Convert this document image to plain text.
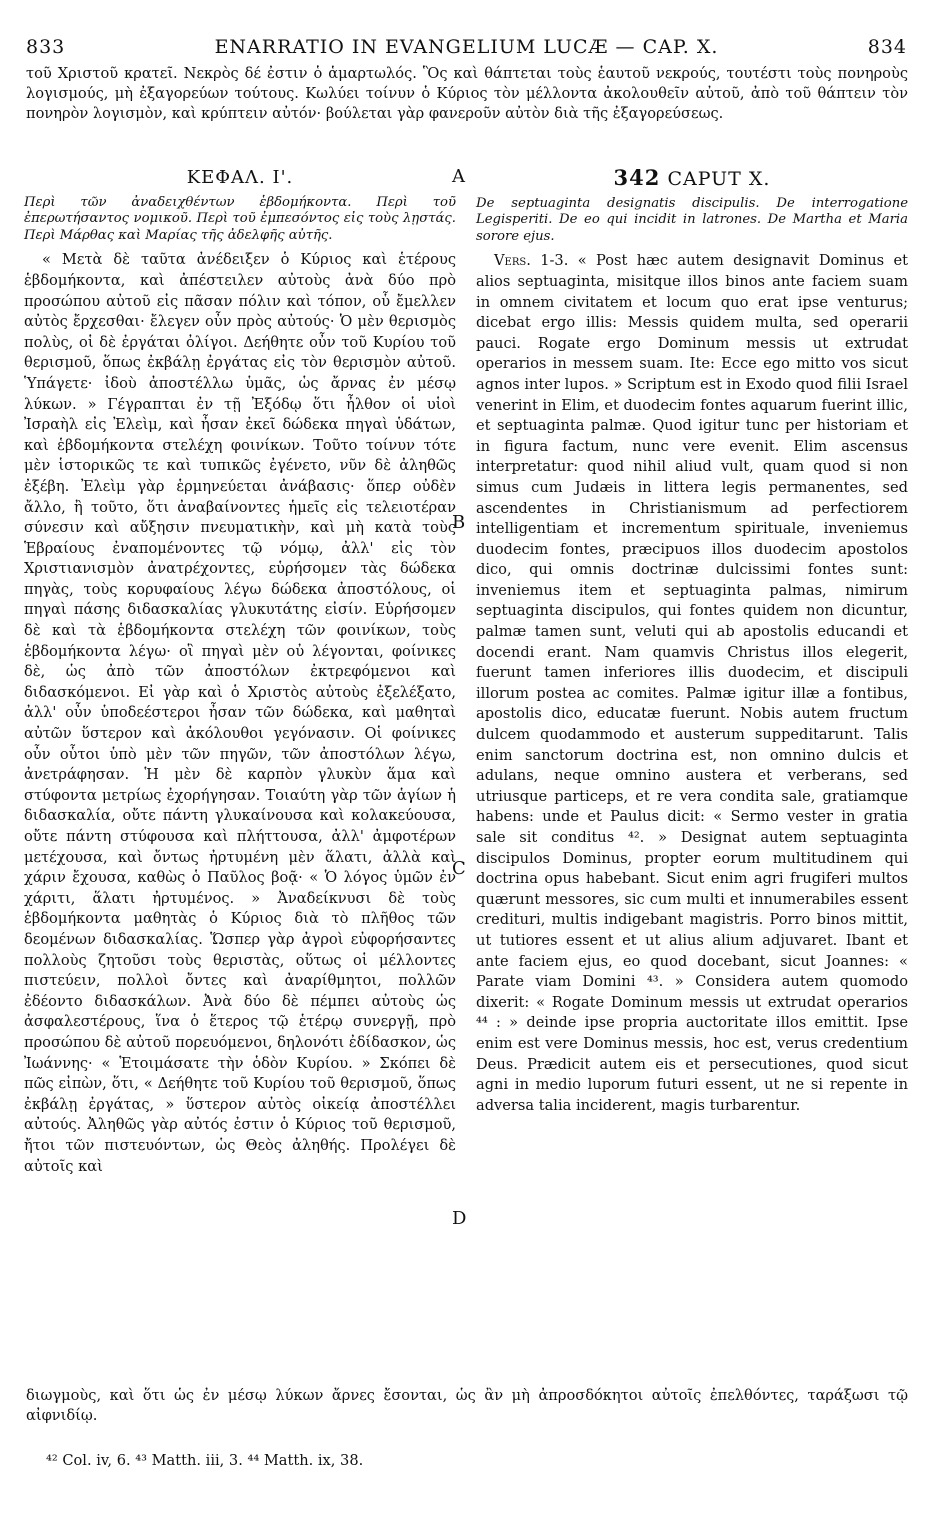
833	ENARRATIO IN EVANGELIUM LUCÆ — CAP. X.	834
τοῦ Χριστοῦ κρατεῖ. Νεκρὸς δέ ἐστιν ὁ ἁμαρτωλός. Ὃς καὶ θάπτεται τοὺς ἑαυτοῦ νεκρούς, τουτέστι τοὺς πονηροὺς λογισμούς, μὴ ἐξαγορεύων τούτους. Κωλύει τοίνυν ὁ Κύριος τὸν μέλλοντα ἀκολουθεῖν αὐτοῦ, ἀπὸ τοῦ θάπτειν τὸν πονηρὸν λογισμὸν, καὶ κρύπτειν αὐτόν· βούλεται γὰρ φανεροῦν αὐτὸν διὰ τῆς ἐξαγορεύσεως.
ΚΕΦΑΛ. Ι'.
Περὶ τῶν ἀναδειχθέντων ἑβδομήκοντα. Περὶ τοῦ ἐπερωτήσαντος νομικοῦ. Περὶ τοῦ ἐμπεσόντος εἰς τοὺς λῃστάς. Περὶ Μάρθας καὶ Μαρίας τῆς ἀδελφῆς αὐτῆς.

« Μετὰ δὲ ταῦτα ἀνέδειξεν ὁ Κύριος καὶ ἑτέρους ἑβδομήκοντα, καὶ ἀπέστειλεν αὐτοὺς ἀνὰ δύο πρὸ προσώπου αὐτοῦ εἰς πᾶσαν πόλιν καὶ τόπον, οὗ ἔμελλεν αὐτὸς ἔρχεσθαι· ἔλεγεν οὖν πρὸς αὐτούς· Ὁ μὲν θερισμὸς πολὺς, οἱ δὲ ἐργάται ὀλίγοι. Δεήθητε οὖν τοῦ Κυρίου τοῦ θερισμοῦ, ὅπως ἐκβάλῃ ἐργάτας εἰς τὸν θερισμὸν αὐτοῦ. Ὑπάγετε· ἰδοὺ ἀποστέλλω ὑμᾶς, ὡς ἄρνας ἐν μέσῳ λύκων. » Γέγραπται ἐν τῇ Ἐξόδῳ ὅτι ἦλθον οἱ υἱοὶ Ἰσραὴλ εἰς Ἐλεὶμ, καὶ ἦσαν ἐκεῖ δώδεκα πηγαὶ ὑδάτων, καὶ ἑβδομήκοντα στελέχη φοινίκων. Τοῦτο τοίνυν τότε μὲν ἱστορικῶς τε καὶ τυπικῶς ἐγένετο, νῦν δὲ ἀληθῶς ἐξέβη. Ἐλεὶμ γὰρ ἑρμηνεύεται ἀνάβασις· ὅπερ οὐδὲν ἄλλο, ἢ τοῦτο, ὅτι ἀναβαίνοντες ἡμεῖς εἰς τελειοτέραν σύνεσιν καὶ αὔξησιν πνευματικὴν, καὶ μὴ κατὰ τοὺς Ἑβραίους ἐναπομένοντες τῷ νόμῳ, ἀλλ' εἰς τὸν Χριστιανισμὸν ἀνατρέχοντες, εὑρήσομεν τὰς δώδεκα πηγὰς, τοὺς κορυφαίους λέγω δώδεκα ἀποστόλους, οἱ πηγαὶ πάσης διδασκαλίας γλυκυτάτης εἰσίν. Εὑρήσομεν δὲ καὶ τὰ ἑβδομήκοντα στελέχη τῶν φοινίκων, τοὺς ἑβδομήκοντα λέγω· οἳ πηγαὶ μὲν οὐ λέγονται, φοίνικες δὲ, ὡς ἀπὸ τῶν ἀποστόλων ἐκτρεφόμενοι καὶ διδασκόμενοι. Εἰ γὰρ καὶ ὁ Χριστὸς αὐτοὺς ἐξελέξατο, ἀλλ' οὖν ὑποδεέστεροι ἦσαν τῶν δώδεκα, καὶ μαθηταὶ αὐτῶν ὕστερον καὶ ἀκόλουθοι γεγόνασιν. Οἱ φοίνικες οὖν οὗτοι ὑπὸ μὲν τῶν πηγῶν, τῶν ἀποστόλων λέγω, ἀνετράφησαν. Ἡ μὲν δὲ καρπὸν γλυκὺν ἅμα καὶ στύφοντα μετρίως ἐχορήγησαν. Τοιαύτη γὰρ τῶν ἁγίων ἡ διδασκαλία, οὔτε πάντη γλυκαίνουσα καὶ κολακεύουσα, οὔτε πάντη στύφουσα καὶ πλήττουσα, ἀλλ' ἀμφοτέρων μετέχουσα, καὶ ὄντως ἠρτυμένη μὲν ἅλατι, ἀλλὰ καὶ χάριν ἔχουσα, καθὼς ὁ Παῦλος βοᾷ· « Ὁ λόγος ὑμῶν ἐν χάριτι, ἅλατι ἠρτυμένος. » Ἀναδείκνυσι δὲ τοὺς ἑβδομήκοντα μαθητὰς ὁ Κύριος διὰ τὸ πλῆθος τῶν δεομένων διδασκαλίας. Ὥσπερ γὰρ ἀγροὶ εὐφορήσαντες πολλοὺς ζητοῦσι τοὺς θεριστὰς, οὕτως οἱ μέλλοντες πιστεύειν, πολλοὶ ὄντες καὶ ἀναρίθμητοι, πολλῶν ἐδέοντο διδασκάλων. Ἀνὰ δύο δὲ πέμπει αὐτοὺς ὡς ἀσφαλεστέρους, ἵνα ὁ ἕτερος τῷ ἑτέρῳ συνεργῇ, πρὸ προσώπου δὲ αὐτοῦ πορευόμενοι, δηλονότι ἐδίδασκον, ὡς Ἰωάννης· « Ἑτοιμάσατε τὴν ὁδὸν Κυρίου. » Σκόπει δὲ πῶς εἰπὼν, ὅτι, « Δεήθητε τοῦ Κυρίου τοῦ θερισμοῦ, ὅπως ἐκβάλῃ ἐργάτας, » ὕστερον αὐτὸς οἰκείᾳ ἀποστέλλει αὐτούς. Ἀληθῶς γὰρ αὐτός ἐστιν ὁ Κύριος τοῦ θερισμοῦ, ἤτοι τῶν πιστευόντων, ὡς Θεὸς ἀληθής. Προλέγει δὲ αὐτοῖς καὶ

342 CAPUT X.
De septuaginta designatis discipulis. De interrogatione Legisperiti. De eo qui incidit in latrones. De Martha et Maria sorore ejus.

Vers. 1-3. « Post hæc autem designavit Dominus et alios septuaginta, misitque illos binos ante faciem suam in omnem civitatem et locum quo erat ipse venturus; dicebat ergo illis: Messis quidem multa, sed operarii pauci. Rogate ergo Dominum messis ut extrudat operarios in messem suam. Ite: Ecce ego mitto vos sicut agnos inter lupos. » Scriptum est in Exodo quod filii Israel venerint in Elim, et duodecim fontes aquarum fuerint illic, et septuaginta palmæ. Quod igitur tunc per historiam et in figura factum, nunc vere evenit. Elim ascensus interpretatur: quod nihil aliud vult, quam quod si non simus cum Judæis in littera legis permanentes, sed ascendentes in Christianismum ad perfectiorem intelligentiam et incrementum spirituale, inveniemus duodecim fontes, præcipuos illos duodecim apostolos dico, qui omnis doctrinæ dulcissimi fontes sunt: inveniemus item et septuaginta palmas, nimirum septuaginta discipulos, qui fontes quidem non dicuntur, palmæ tamen sunt, veluti qui ab apostolis educandi et docendi erant. Nam quamvis Christus illos elegerit, fuerunt tamen inferiores illis duodecim, et discipuli illorum postea ac comites. Palmæ igitur illæ a fontibus, apostolis dico, educatæ fuerunt. Nobis autem fructum dulcem quodammodo et austerum suppeditarunt. Talis enim sanctorum doctrina est, non omnino dulcis et adulans, neque omnino austera et verberans, sed utriusque particeps, et re vera condita sale, gratiamque habens: unde et Paulus dicit: « Sermo vester in gratia sale sit conditus ⁴². » Designat autem septuaginta discipulos Dominus, propter eorum multitudinem qui doctrina opus habebant. Sicut enim agri frugiferi multos quærunt messores, sic cum multi et innumerabiles essent credituri, multis indigebant magistris. Porro binos mittit, ut tutiores essent et ut alius alium adjuvaret. Ibant et ante faciem ejus, eo quod docebant, sicut Joannes: « Parate viam Domini ⁴³. » Considera autem quomodo dixerit: « Rogate Dominum messis ut extrudat operarios ⁴⁴ : » deinde ipse propria auctoritate illos emittit. Ipse enim est vere Dominus messis, hoc est, verus credentium Deus. Prædicit autem eis et persecutiones, quod sicut agni in medio luporum futuri essent, ut ne si repente in adversa talia inciderent, magis turbarentur.

A
B
C
D
διωγμοὺς, καὶ ὅτι ὡς ἐν μέσῳ λύκων ἄρνες ἔσονται, ὡς ἂν μὴ ἀπροσδόκητοι αὐτοῖς ἐπελθόντες, ταράξωσι τῷ αἰφνιδίῳ.
⁴² Col. iv, 6. ⁴³ Matth. iii, 3. ⁴⁴ Matth. ix, 38.
